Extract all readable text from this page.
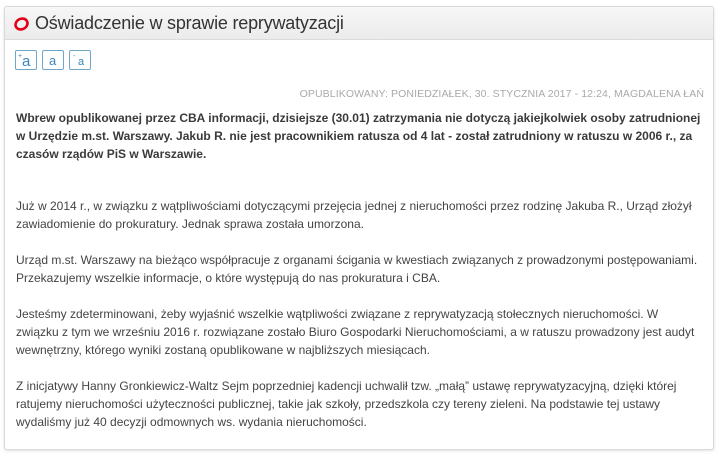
Oświadczenie w sprawie reprywatyzacji
+ a a - a
OPUBLIKOWANY: PONIEDZIAŁEK, 30. STYCZNIA 2017 - 12:24, MAGDALENA ŁAŃ

Wbrew opublikowanej przez CBA informacji, dzisiejsze (30.01) zatrzymania nie dotyczą jakiejkolwiek osoby zatrudnionej w Urzędzie m.st. Warszawy. Jakub R. nie jest pracownikiem ratusza od 4 lat - został zatrudniony w ratuszu w 2006 r., za czasów rządów PiS w Warszawie.

Już w 2014 r., w związku z wątpliwościami dotyczącymi przejęcia jednej z nieruchomości przez rodzinę Jakuba R., Urząd złożył zawiadomienie do prokuratury. Jednak sprawa została umorzona.

Urząd m.st. Warszawy na bieżąco współpracuje z organami ścigania w kwestiach związanych z prowadzonymi postępowaniami. Przekazujemy wszelkie informacje, o które występują do nas prokuratura i CBA.

Jesteśmy zdeterminowani, żeby wyjaśnić wszelkie wątpliwości związane z reprywatyzacją stołecznych nieruchomości. W związku z tym we wrześniu 2016 r. rozwiązane zostało Biuro Gospodarki Nieruchomościami, a w ratuszu prowadzony jest audyt wewnętrzny, którego wyniki zostaną opublikowane w najbliższych miesiącach.

Z inicjatywy Hanny Gronkiewicz-Waltz Sejm poprzedniej kadencji uchwalił tzw. „małą” ustawę reprywatyzacyjną, dzięki której ratujemy nieruchomości użyteczności publicznej, takie jak szkoły, przedszkola czy tereny zieleni. Na podstawie tej ustawy wydaliśmy już 40 decyzji odmownych ws. wydania nieruchomości.
